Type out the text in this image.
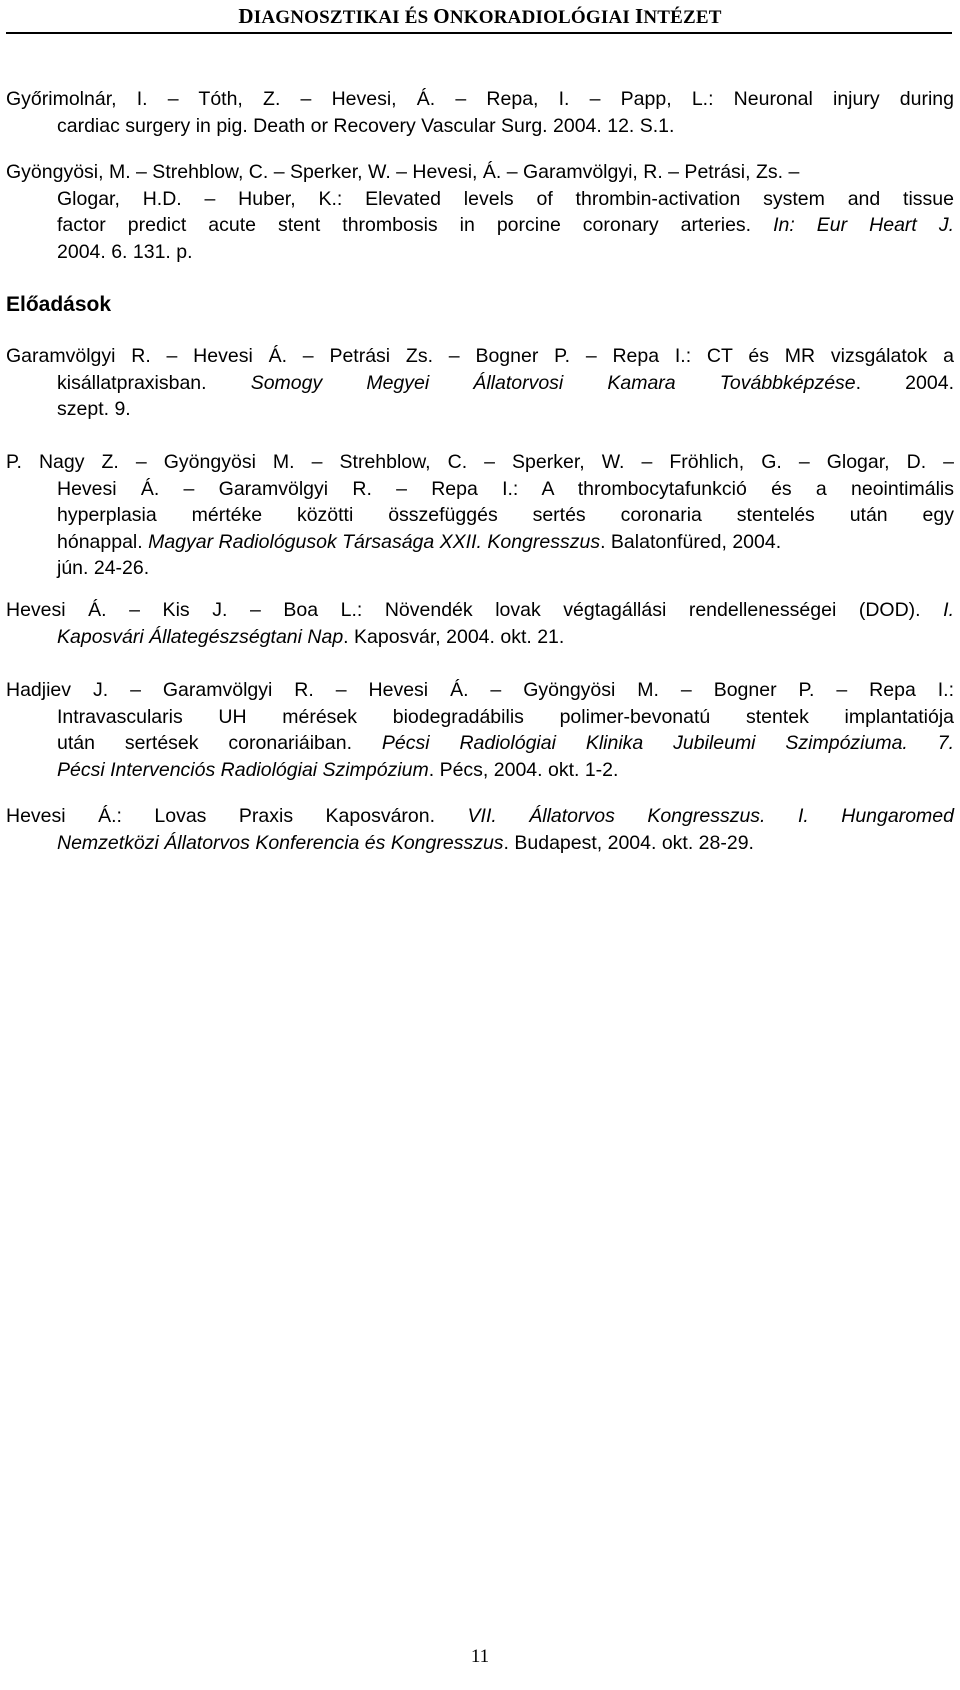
DIAGNOSZTIKAI ÉS ONKORADIOLÓGIAI INTÉZET
Győrimolnár, I. – Tóth, Z. – Hevesi, Á. – Repa, I. – Papp, L.: Neuronal injury during
cardiac surgery in pig. Death or Recovery Vascular Surg. 2004. 12. S.1.
Gyöngyösi, M. – Strehblow, C. – Sperker, W. – Hevesi, Á. – Garamvölgyi, R. – Petrási, Zs. –
Glogar, H.D. – Huber, K.: Elevated levels of thrombin-activation system and tissue
factor predict acute stent thrombosis in porcine coronary arteries. In: Eur Heart J.
2004. 6. 131. p.
Előadások
Garamvölgyi R. – Hevesi Á. – Petrási Zs. – Bogner P. – Repa I.: CT és MR vizsgálatok a
kisállatpraxisban. Somogy Megyei Állatorvosi Kamara Továbbképzése. 2004.
szept. 9.
P. Nagy Z. – Gyöngyösi M. – Strehblow, C. – Sperker, W. – Fröhlich, G. – Glogar, D. –
Hevesi Á. – Garamvölgyi R. – Repa I.: A thrombocytafunkció és a neointimális
hyperplasia mértéke közötti összefüggés sertés coronaria stentelés után egy
hónappal. Magyar Radiológusok Társasága XXII. Kongresszus. Balatonfüred, 2004.
jún. 24-26.
Hevesi Á. – Kis J. – Boa L.: Növendék lovak végtagállási rendellenességei (DOD). I.
Kaposvári Állategészségtani Nap. Kaposvár, 2004. okt. 21.
Hadjiev J. – Garamvölgyi R. – Hevesi Á. – Gyöngyösi M. – Bogner P. – Repa I.:
Intravascularis UH mérések biodegradábilis polimer-bevonatú stentek implantatiója
után sertések coronariáiban. Pécsi Radiológiai Klinika Jubileumi Szimpóziuma. 7.
Pécsi Intervenciós Radiológiai Szimpózium. Pécs, 2004. okt. 1-2.
Hevesi Á.: Lovas Praxis Kaposváron. VII. Állatorvos Kongresszus. I. Hungaromed
Nemzetközi Állatorvos Konferencia és Kongresszus. Budapest, 2004. okt. 28-29.
11
